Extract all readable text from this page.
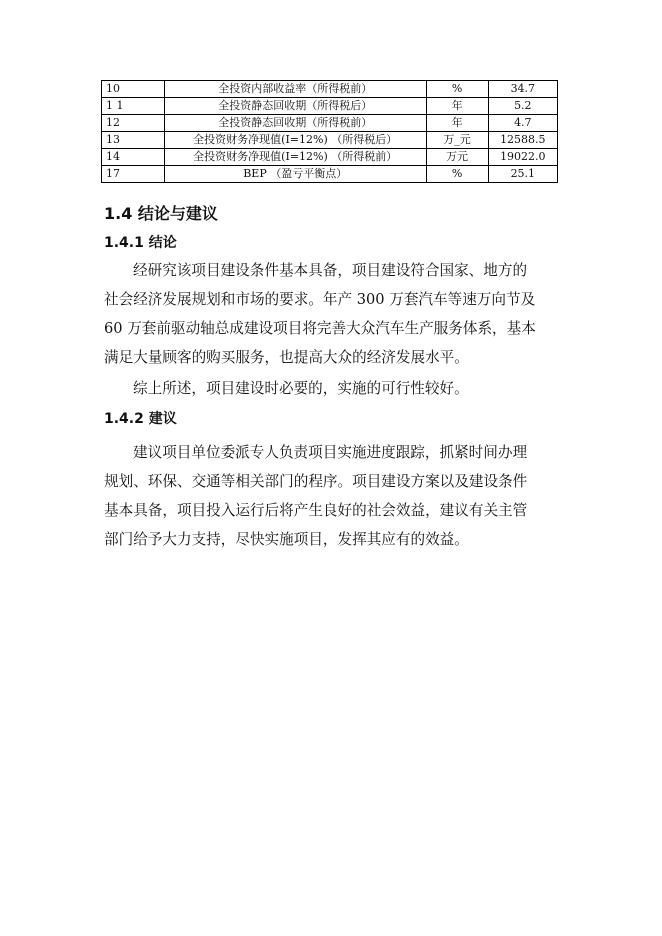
10	全投资内部收益率（所得税前）	%	34.7
1 1	全投资静态回收期（所得税后）	年	5.2
12	全投资静态回收期（所得税前）	年	4.7
13	全投资财务净现值(I=12%) （所得税后）	万_元	12588.5
14	全投资财务净现值(I=12%) （所得税前）	万元	19022.0
17	BEP （盈亏平衡点）	%	25.1
1.4 结论与建议
1.4.1 结论
经研究该项目建设条件基本具备，项目建设符合国家、地方的
社会经济发展规划和市场的要求。年产 300 万套汽车等速万向节及
60 万套前驱动轴总成建设项目将完善大众汽车生产服务体系，基本
满足大量顾客的购买服务，也提高大众的经济发展水平。
综上所述，项目建设时必要的，实施的可行性较好。
1.4.2 建议
建议项目单位委派专人负责项目实施进度跟踪，抓紧时间办理
规划、环保、交通等相关部门的程序。项目建设方案以及建设条件
基本具备，项目投入运行后将产生良好的社会效益，建议有关主管
部门给予大力支持，尽快实施项目，发挥其应有的效益。
